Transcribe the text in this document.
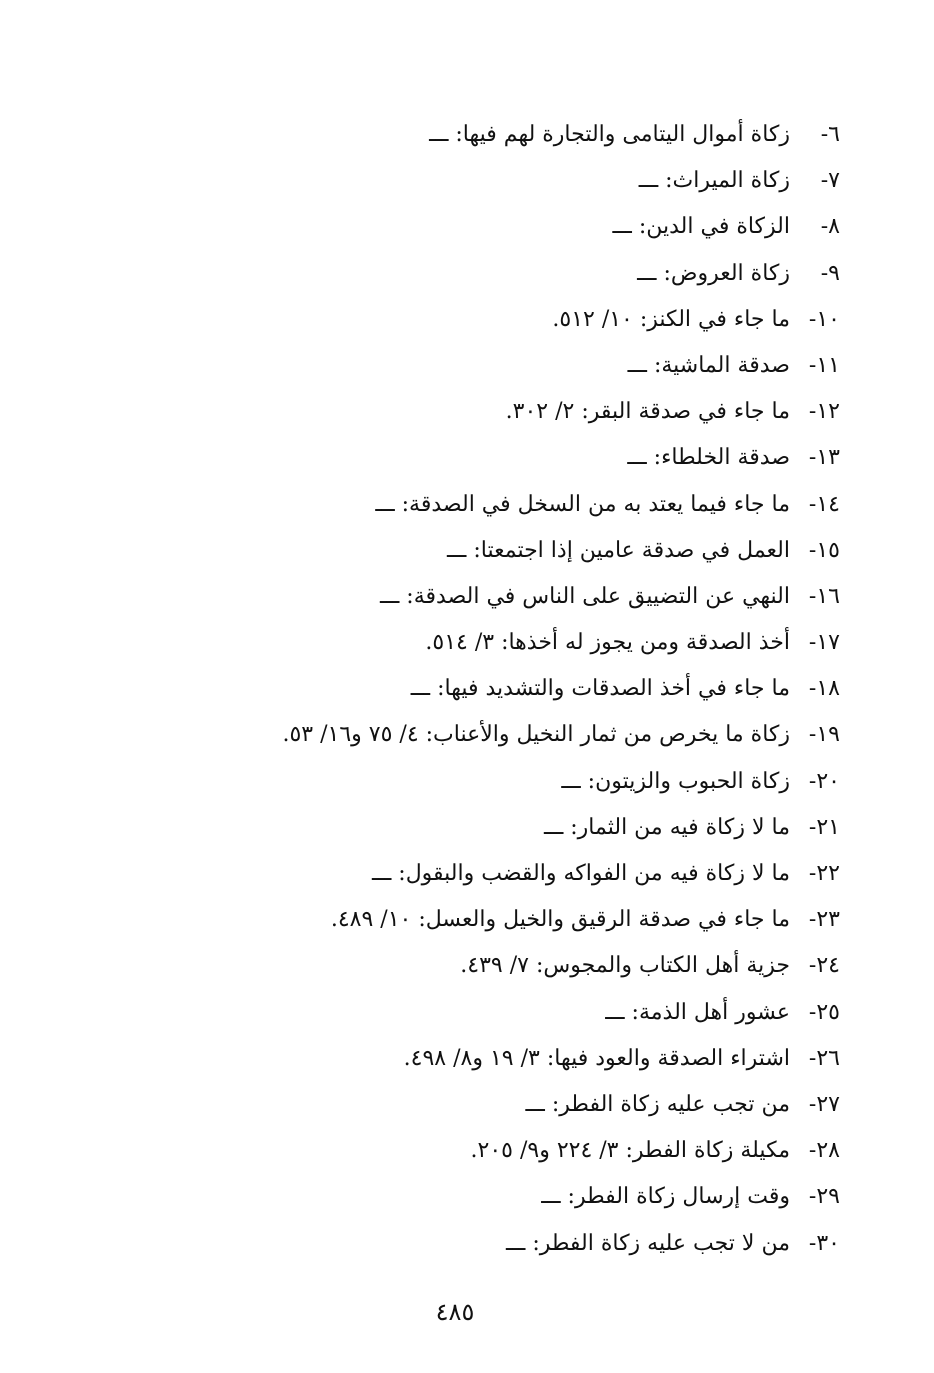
٦-
زكاة أموال اليتامى والتجارة لهم فيها: ـــ
٧-
زكاة الميراث: ـــ
٨-
الزكاة في الدين: ـــ
٩-
زكاة العروض: ـــ
١٠-
ما جاء في الكنز: ١٠/ ٥١٢.
١١-
صدقة الماشية: ـــ
١٢-
ما جاء في صدقة البقر: ٢/ ٣٠٢.
١٣-
صدقة الخلطاء: ـــ
١٤-
ما جاء فيما يعتد به من السخل في الصدقة: ـــ
١٥-
العمل في صدقة عامين إذا اجتمعتا: ـــ
١٦-
النهي عن التضييق على الناس في الصدقة: ـــ
١٧-
أخذ الصدقة ومن يجوز له أخذها: ٣/ ٥١٤.
١٨-
ما جاء في أخذ الصدقات والتشديد فيها: ـــ
١٩-
زكاة ما يخرص من ثمار النخيل والأعناب: ٤/ ٧٥ و١٦/ ٥٣.
٢٠-
زكاة الحبوب والزيتون: ـــ
٢١-
ما لا زكاة فيه من الثمار: ـــ
٢٢-
ما لا زكاة فيه من الفواكه والقضب والبقول: ـــ
٢٣-
ما جاء في صدقة الرقيق والخيل والعسل: ١٠/ ٤٨٩.
٢٤-
جزية أهل الكتاب والمجوس: ٧/ ٤٣٩.
٢٥-
عشور أهل الذمة: ـــ
٢٦-
اشتراء الصدقة والعود فيها: ٣/ ١٩ و٨/ ٤٩٨.
٢٧-
من تجب عليه زكاة الفطر: ـــ
٢٨-
مكيلة زكاة الفطر: ٣/ ٢٢٤ و٩/ ٢٠٥.
٢٩-
وقت إرسال زكاة الفطر: ـــ
٣٠-
من لا تجب عليه زكاة الفطر: ـــ
٤٨٥
